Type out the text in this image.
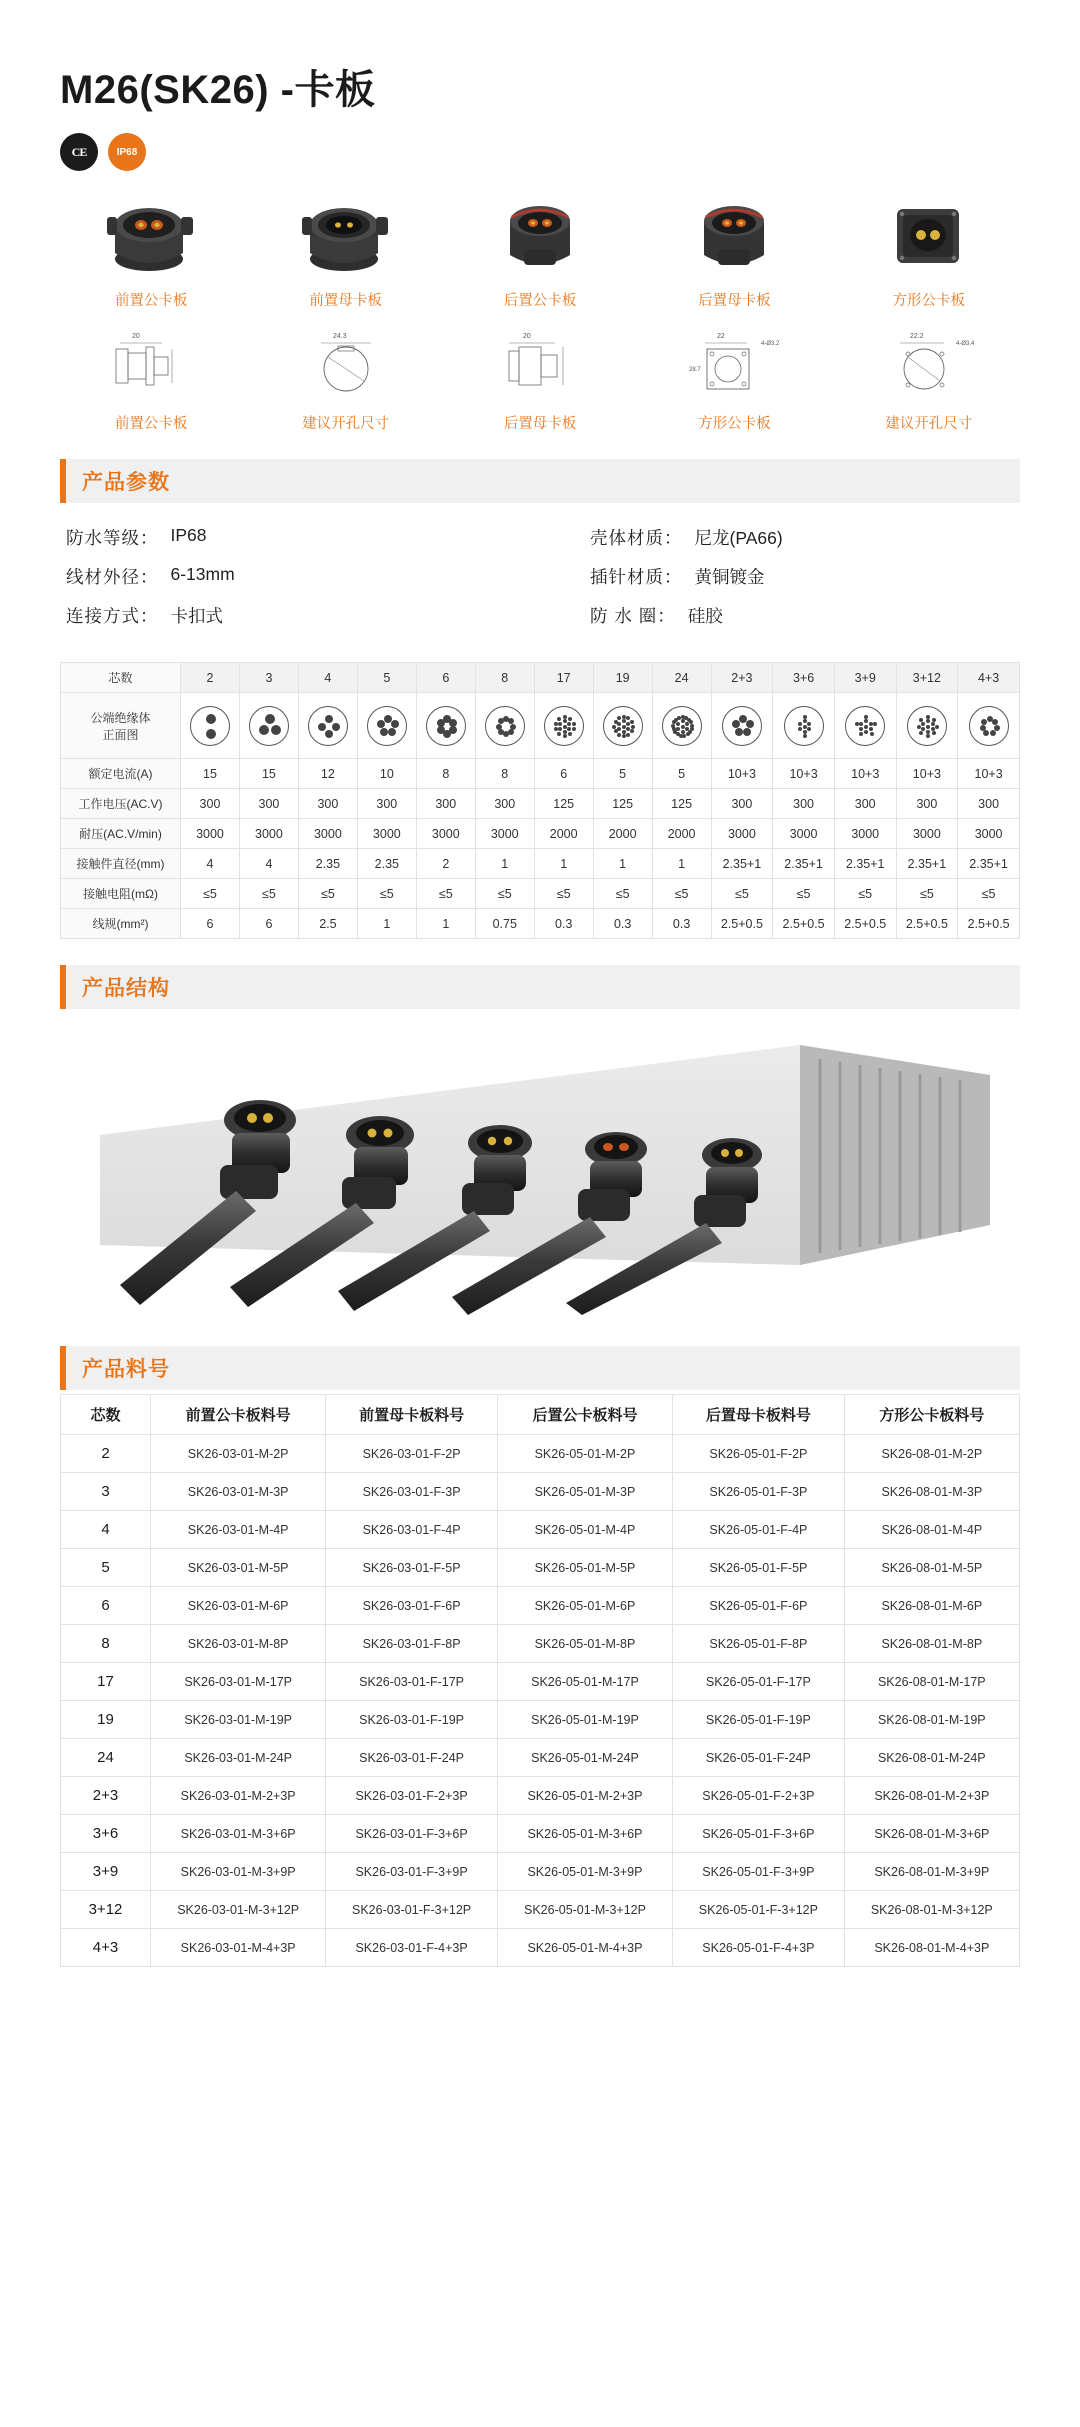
M26(SK26) -卡板
CE	IP68
前置公卡板	前置母卡板	后置公卡板	后置母卡板	方形公卡板
20
前置公卡板
24.3
建议开孔尺寸
20
后置母卡板
22
4-Ø3.2
28.7
方形公卡板
22.2
4-Ø3.4
建议开孔尺寸
产品参数
防水等级： IP68
线材外径： 6-13mm
连接方式： 卡扣式
壳体材质： 尼龙(PA66)
插针材质： 黄铜镀金
防 水 圈： 硅胶
芯数	2	3	4	5	6	8	17	19	24	2+3	3+6	3+9	3+12	4+3

公端绝缘体
正面图														

额定电流(A)	15	15	12	10	8	8	6	5	5	10+3	10+3	10+3	10+3	10+3
工作电压(AC.V)	300	300	300	300	300	300	125	125	125	300	300	300	300	300
耐压(AC.V/min)	3000	3000	3000	3000	3000	3000	2000	2000	2000	3000	3000	3000	3000	3000
接触件直径(mm)	4	4	2.35	2.35	2	1	1	1	1	2.35+1	2.35+1	2.35+1	2.35+1	2.35+1
接触电阻(mΩ)	≤5	≤5	≤5	≤5	≤5	≤5	≤5	≤5	≤5	≤5	≤5	≤5	≤5	≤5
线规(mm²)	6	6	2.5	1	1	0.75	0.3	0.3	0.3	2.5+0.5	2.5+0.5	2.5+0.5	2.5+0.5	2.5+0.5
产品结构
产品料号
芯数	前置公卡板料号	前置母卡板料号	后置公卡板料号	后置母卡板料号	方形公卡板料号
2	SK26-03-01-M-2P	SK26-03-01-F-2P	SK26-05-01-M-2P	SK26-05-01-F-2P	SK26-08-01-M-2P
3	SK26-03-01-M-3P	SK26-03-01-F-3P	SK26-05-01-M-3P	SK26-05-01-F-3P	SK26-08-01-M-3P
4	SK26-03-01-M-4P	SK26-03-01-F-4P	SK26-05-01-M-4P	SK26-05-01-F-4P	SK26-08-01-M-4P
5	SK26-03-01-M-5P	SK26-03-01-F-5P	SK26-05-01-M-5P	SK26-05-01-F-5P	SK26-08-01-M-5P
6	SK26-03-01-M-6P	SK26-03-01-F-6P	SK26-05-01-M-6P	SK26-05-01-F-6P	SK26-08-01-M-6P
8	SK26-03-01-M-8P	SK26-03-01-F-8P	SK26-05-01-M-8P	SK26-05-01-F-8P	SK26-08-01-M-8P
17	SK26-03-01-M-17P	SK26-03-01-F-17P	SK26-05-01-M-17P	SK26-05-01-F-17P	SK26-08-01-M-17P
19	SK26-03-01-M-19P	SK26-03-01-F-19P	SK26-05-01-M-19P	SK26-05-01-F-19P	SK26-08-01-M-19P
24	SK26-03-01-M-24P	SK26-03-01-F-24P	SK26-05-01-M-24P	SK26-05-01-F-24P	SK26-08-01-M-24P
2+3	SK26-03-01-M-2+3P	SK26-03-01-F-2+3P	SK26-05-01-M-2+3P	SK26-05-01-F-2+3P	SK26-08-01-M-2+3P
3+6	SK26-03-01-M-3+6P	SK26-03-01-F-3+6P	SK26-05-01-M-3+6P	SK26-05-01-F-3+6P	SK26-08-01-M-3+6P
3+9	SK26-03-01-M-3+9P	SK26-03-01-F-3+9P	SK26-05-01-M-3+9P	SK26-05-01-F-3+9P	SK26-08-01-M-3+9P
3+12	SK26-03-01-M-3+12P	SK26-03-01-F-3+12P	SK26-05-01-M-3+12P	SK26-05-01-F-3+12P	SK26-08-01-M-3+12P
4+3	SK26-03-01-M-4+3P	SK26-03-01-F-4+3P	SK26-05-01-M-4+3P	SK26-05-01-F-4+3P	SK26-08-01-M-4+3P
